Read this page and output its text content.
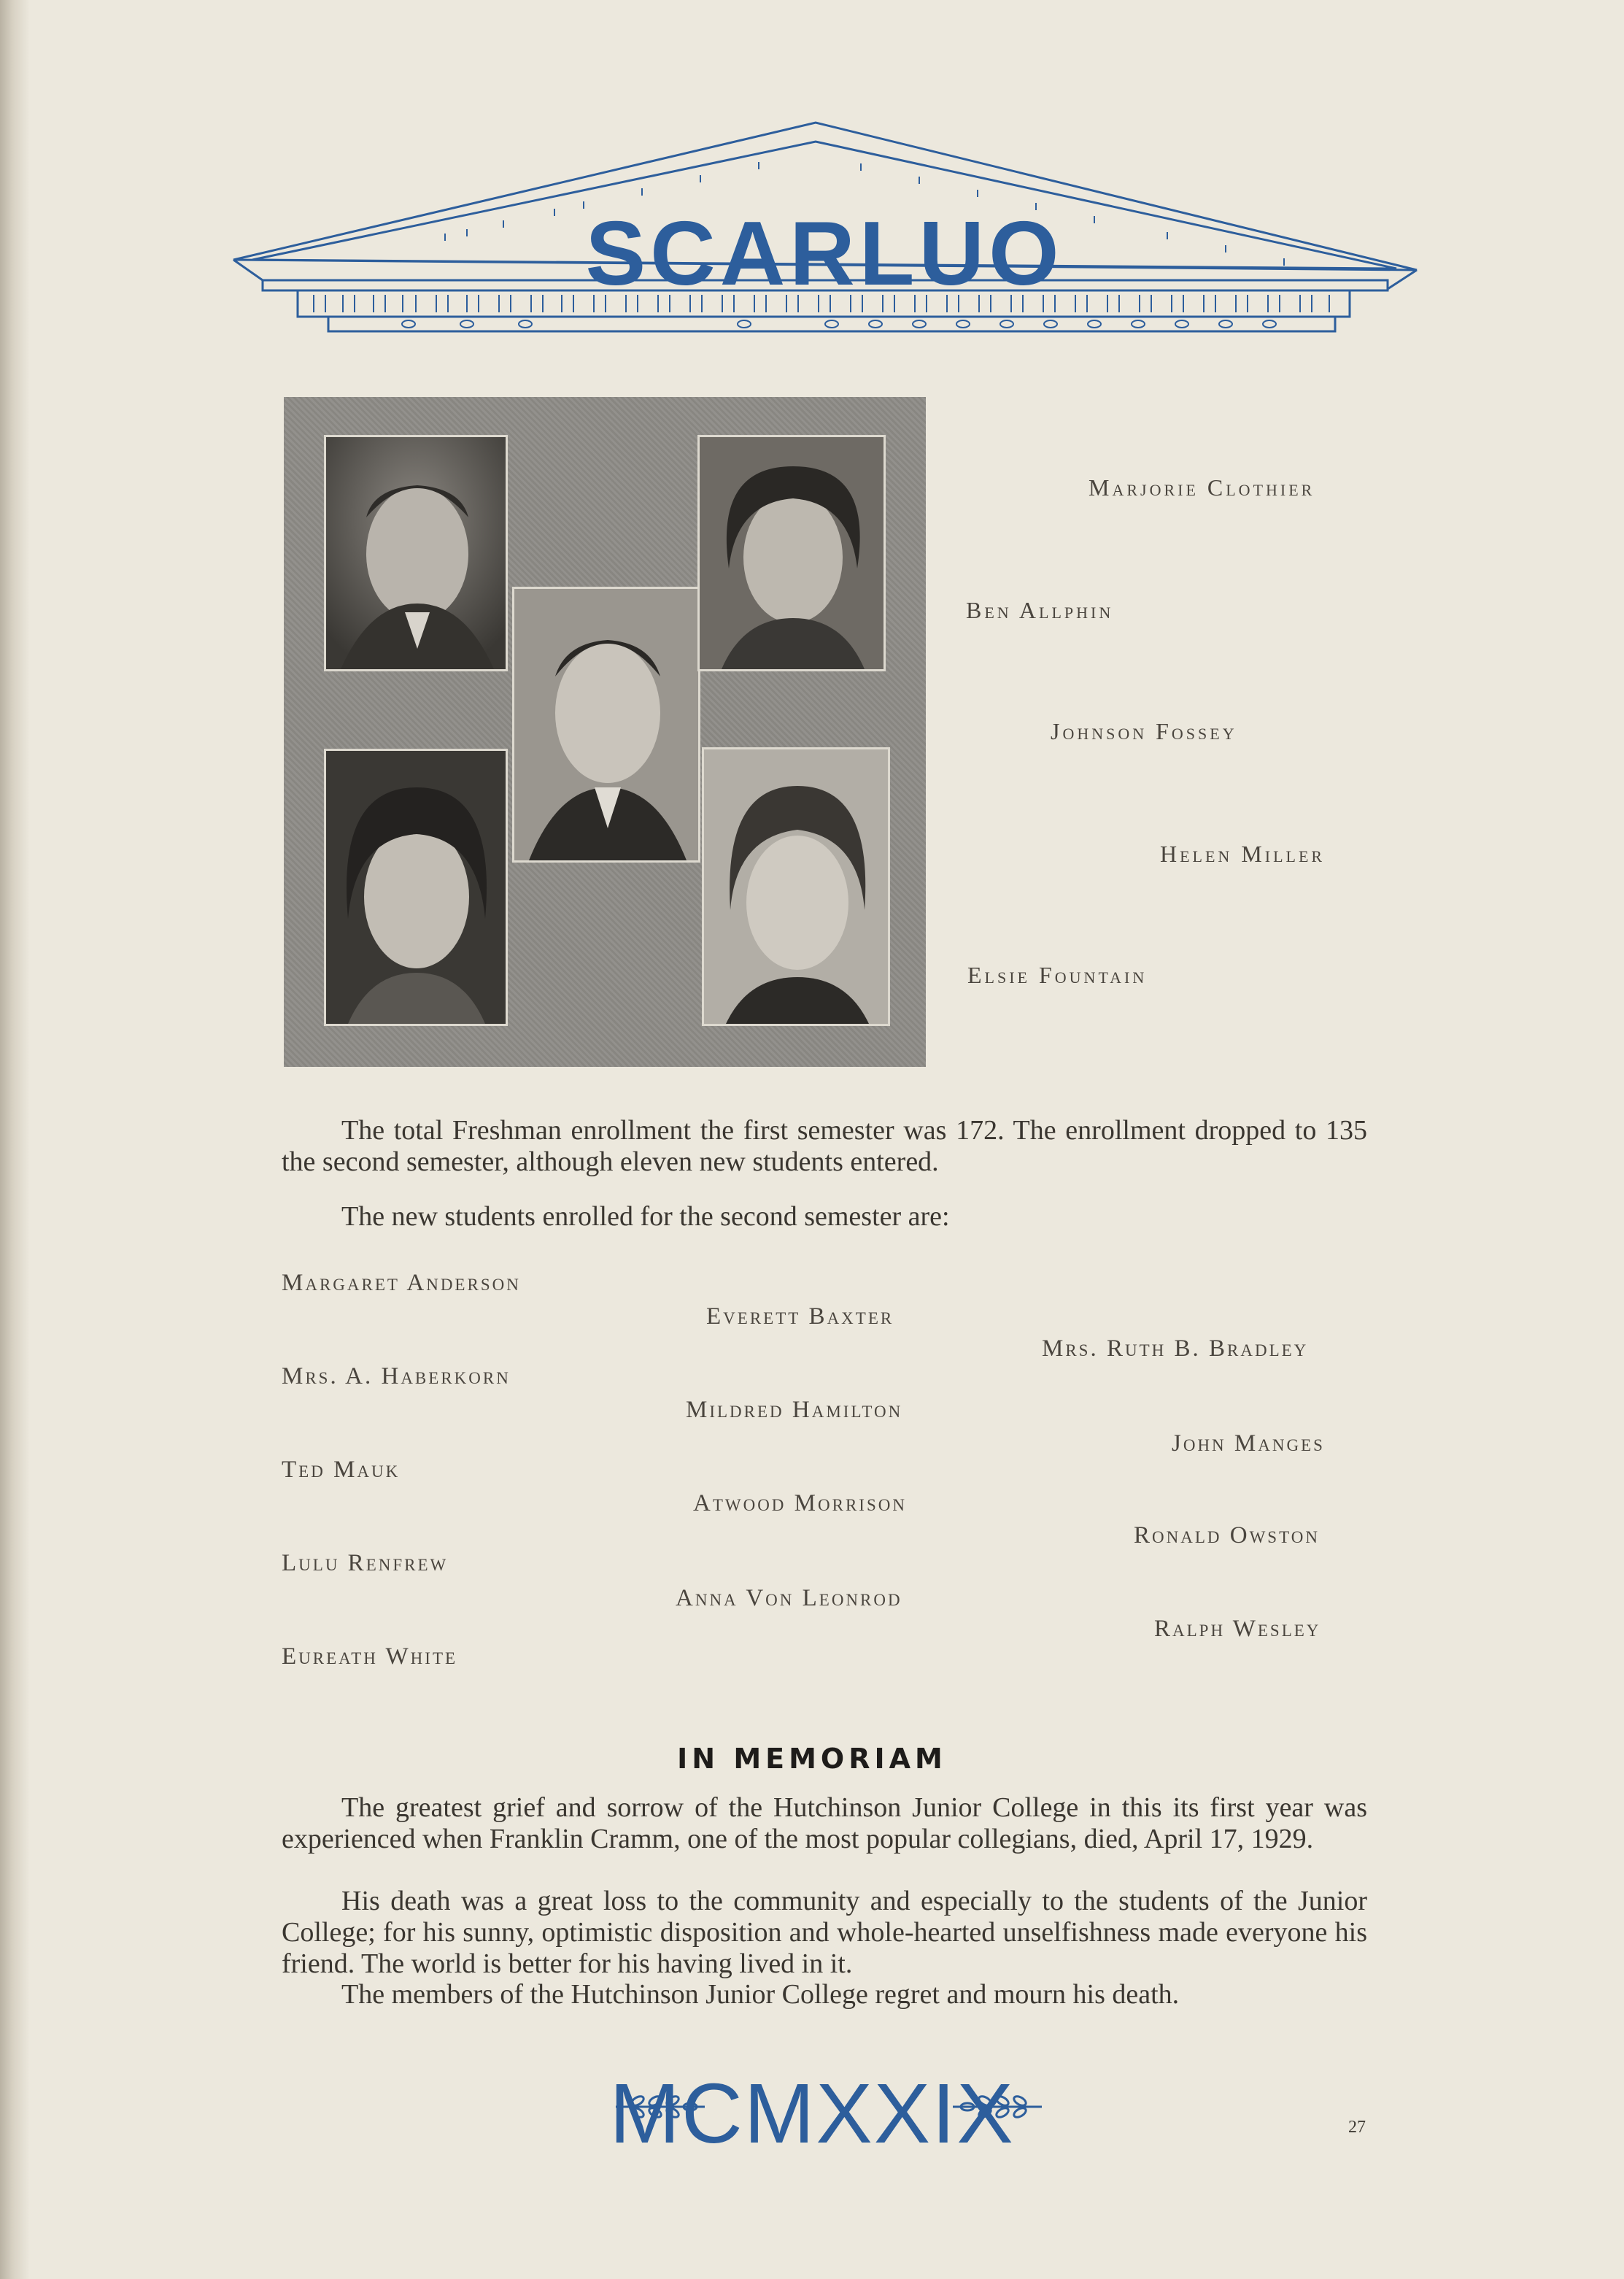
SCARLUO
Marjorie Clothier
Ben Allphin
Johnson Fossey
Helen Miller
Elsie Fountain
The total Freshman enrollment the first semester was 172. The enrollment dropped to 135 the second semester, although eleven new students entered.
The new students enrolled for the second semester are:
Margaret Anderson
Everett Baxter
Mrs. Ruth B. Bradley
Mrs. A. Haberkorn
Mildred Hamilton
John Manges
Ted Mauk
Atwood Morrison
Ronald Owston
Lulu Renfrew
Anna Von Leonrod
Ralph Wesley
Eureath White
IN MEMORIAM
The greatest grief and sorrow of the Hutchinson Junior College in this its first year was experienced when Franklin Cramm, one of the most popular collegians, died, April 17, 1929.
His death was a great loss to the community and especially to the students of the Junior College; for his sunny, optimistic disposition and whole-hearted unselfishness made everyone his friend. The world is better for his having lived in it.
The members of the Hutchinson Junior College regret and mourn his death.
MCMXXIX	27
